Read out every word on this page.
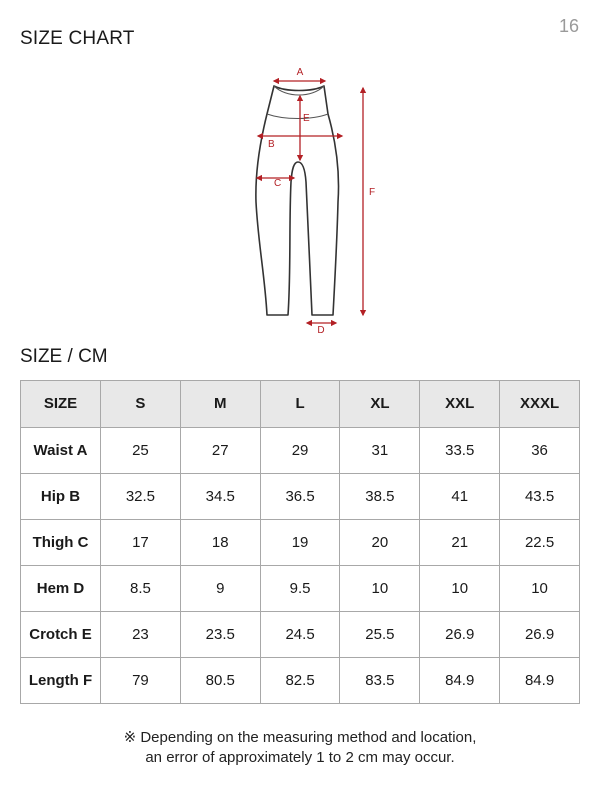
16
SIZE CHART
A
E
B
C
F
D
SIZE / CM
SIZE	S	M	L	XL	XXL	XXXL
Waist A	25	27	29	31	33.5	36
Hip B	32.5	34.5	36.5	38.5	41	43.5
Thigh C	17	18	19	20	21	22.5
Hem D	8.5	9	9.5	10	10	10
Crotch E	23	23.5	24.5	25.5	26.9	26.9
Length F	79	80.5	82.5	83.5	84.9	84.9
※ Depending on the measuring method and location,
an error of approximately 1 to 2 cm may occur.
